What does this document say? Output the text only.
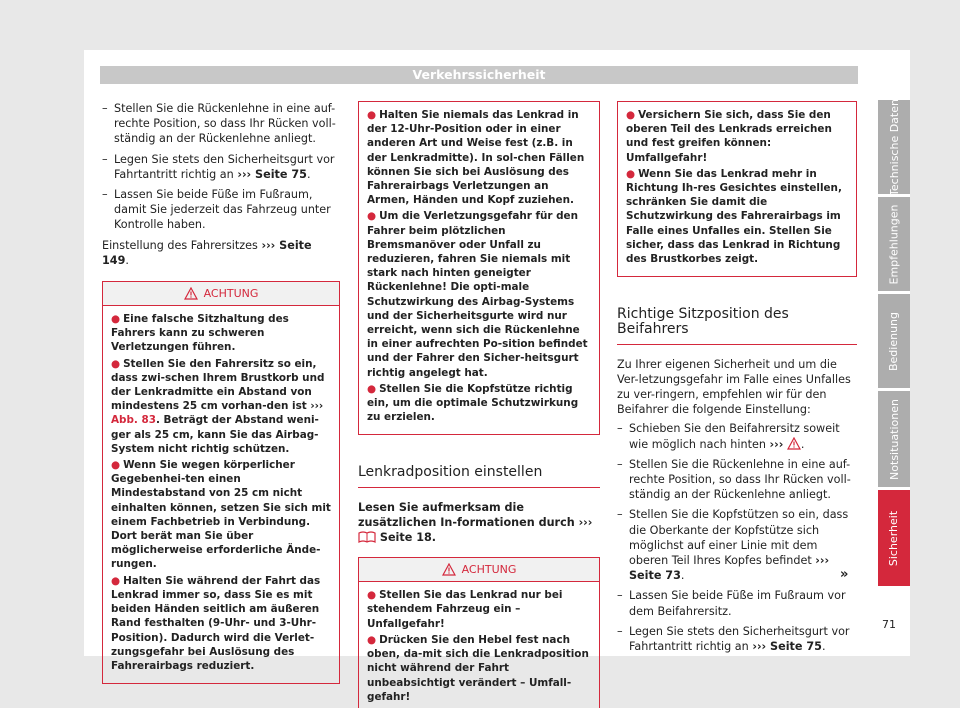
Verkehrssicherheit
– Stellen Sie die Rückenlehne in eine auf-rechte Position, so dass Ihr Rücken voll-ständig an der Rückenlehne anliegt.
– Legen Sie stets den Sicherheitsgurt vor Fahrtantritt richtig an ››› Seite 75.
– Lassen Sie beide Füße im Fußraum, damit Sie jederzeit das Fahrzeug unter Kontrolle haben.

Einstellung des Fahrersitzes ››› Seite 149.

ACHTUNG
● Eine falsche Sitzhaltung des Fahrers kann zu schweren Verletzungen führen.
● Stellen Sie den Fahrersitz so ein, dass zwi-schen Ihrem Brustkorb und der Lenkradmitte ein Abstand von mindestens 25 cm vorhan-den ist ››› Abb. 83. Beträgt der Abstand weni-ger als 25 cm, kann Sie das Airbag-System nicht richtig schützen.
● Wenn Sie wegen körperlicher Gegebenhei-ten einen Mindestabstand von 25 cm nicht einhalten können, setzen Sie sich mit einem Fachbetrieb in Verbindung. Dort berät man Sie über möglicherweise erforderliche Ände-rungen.
● Halten Sie während der Fahrt das Lenkrad immer so, dass Sie es mit beiden Händen seitlich am äußeren Rand festhalten (9-Uhr- und 3-Uhr-Position). Dadurch wird die Verlet-zungsgefahr bei Auslösung des Fahrerairbags reduziert.
● Halten Sie niemals das Lenkrad in der 12-Uhr-Position oder in einer anderen Art und Weise fest (z.B. in der Lenkradmitte). In sol-chen Fällen können Sie sich bei Auslösung des Fahrerairbags Verletzungen an Armen, Händen und Kopf zuziehen.
● Um die Verletzungsgefahr für den Fahrer beim plötzlichen Bremsmanöver oder Unfall zu reduzieren, fahren Sie niemals mit stark nach hinten geneigter Rückenlehne! Die opti-male Schutzwirkung des Airbag-Systems und der Sicherheitsgurte wird nur erreicht, wenn sich die Rückenlehne in einer aufrechten Po-sition befindet und der Fahrer den Sicher-heitsgurt richtig angelegt hat.
● Stellen Sie die Kopfstütze richtig ein, um die optimale Schutzwirkung zu erzielen.
Lenkradposition einstellen

Lesen Sie aufmerksam die zusätzlichen In-formationen durch ›››  Seite 18.

ACHTUNG
● Stellen Sie das Lenkrad nur bei stehendem Fahrzeug ein – Unfallgefahr!
● Drücken Sie den Hebel fest nach oben, da-mit sich die Lenkradposition nicht während der Fahrt unbeabsichtigt verändert – Umfall-gefahr!
● Versichern Sie sich, dass Sie den oberen Teil des Lenkrads erreichen und fest greifen können: Umfallgefahr!
● Wenn Sie das Lenkrad mehr in Richtung Ih-res Gesichtes einstellen, schränken Sie damit die Schutzwirkung des Fahrerairbags im Falle eines Unfalles ein. Stellen Sie sicher, dass das Lenkrad in Richtung des Brustkorbes zeigt.
Richtige Sitzposition des Beifahrers

Zu Ihrer eigenen Sicherheit und um die Ver-letzungsgefahr im Falle eines Unfalles zu ver-ringern, empfehlen wir für den Beifahrer die folgende Einstellung:

– Schieben Sie den Beifahrersitz soweit wie möglich nach hinten ››› .
– Stellen Sie die Rückenlehne in eine auf-rechte Position, so dass Ihr Rücken voll-ständig an der Rückenlehne anliegt.
– Stellen Sie die Kopfstützen so ein, dass die Oberkante der Kopfstütze sich möglichst auf einer Linie mit dem oberen Teil Ihres Kopfes befindet ››› Seite 73.
– Lassen Sie beide Füße im Fußraum vor dem Beifahrersitz.
– Legen Sie stets den Sicherheitsgurt vor Fahrtantritt richtig an ››› Seite 75.
»
Technische Daten
Empfehlungen
Bedienung
Notsituationen
Sicherheit
71
